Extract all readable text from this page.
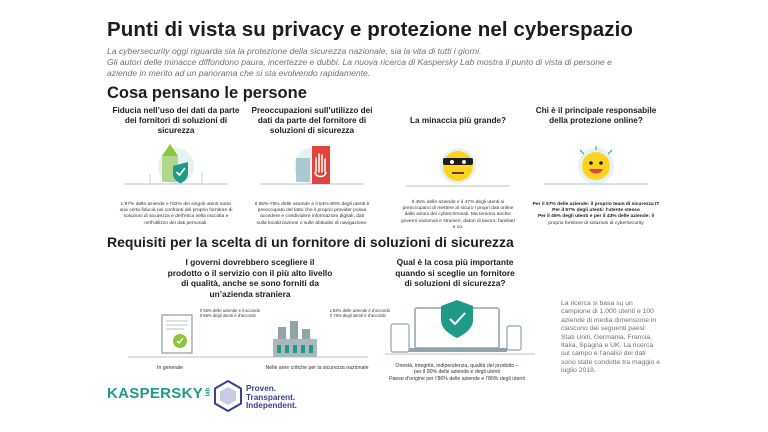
Punti di vista su privacy e protezione nel cyberspazio

La cybersecurity oggi riguarda sia la protezione della sicurezza nazionale, sia la vita di tutti i giorni.

Gli autori delle minacce diffondono paura, incertezze e dubbi. La nuova ricerca di Kaspersky Lab mostra il punto di vista di persone e

aziende in merito ad un panorama che si sta evolvendo rapidamente.

Cosa pensano le persone
Fiducia nell’uso dei dati da parte dei fornitori di soluzioni di sicurezza
L’87% delle aziende e l’82% dei singoli utenti nutre
una certa fiducia nei confronti del proprio fornitore di
soluzioni di sicurezza e dell’etica nella raccolta e
nell’utilizzo dei dati personali.
Preoccupazioni sull’utilizzo dei dati da parte del fornitore di soluzioni di sicurezza
Il 65%-78% delle aziende e il 54%-80% degli utenti è
preoccupato del fatto che il proprio provider possa
accedere e condividere informazioni digitali, dati
sulla localizzazione o sulle abitudini di navigazione.
La minaccia più grande?
Il 45% delle aziende e il 47% degli utenti si
preoccupano di mettere al sicuro i propri dati online
dalle azioni dei cybercriminali. Ma temono anche:
governi nazionali e stranieri, datori di lavoro, familiari
e co.
Chi è il principale responsabile della protezione online?
Per il 57% delle aziende: il proprio team di sicurezza IT
Per il 57% degli utenti: l’utente stesso
Per il 45% degli utenti e per il 43% delle aziende: il
proprio fornitore di soluzioni di cybersecurity
Requisiti per la scelta di un fornitore di soluzioni di sicurezza
I governi dovrebbero scegliere il
prodotto o il servizio con il più alto livello
di qualità, anche se sono forniti da
un’azienda straniera
Il 55% delle aziende e il accordo
Il 66% degli utenti è d’accordo
L’82% delle aziende è d’accordo
Il 76% degli utenti è d’accordo
In generale	Nelle aree critiche per la sicurezza nazionale
Qual è la cosa più importante
quando si sceglie un fornitore
di soluzioni di sicurezza?
Onestà, integrità, indipendenza, qualità del prodotto –
per il 90% delle aziende e degli utenti
Paese d’origine per l’86% delle aziende e l’80% degli utenti
La ricerca si basa su un campione di 1.000 utenti e 100 aziende di media dimensione in ciascuno dei seguenti paesi: Stati Uniti, Germania, Francia, Italia, Spagna e UK. La ricerca sul campo e l’analisi dei dati sono state condotte tra maggio e luglio 2018.
KASPERSKY lab	Proven.
Transparent.
Independent.
